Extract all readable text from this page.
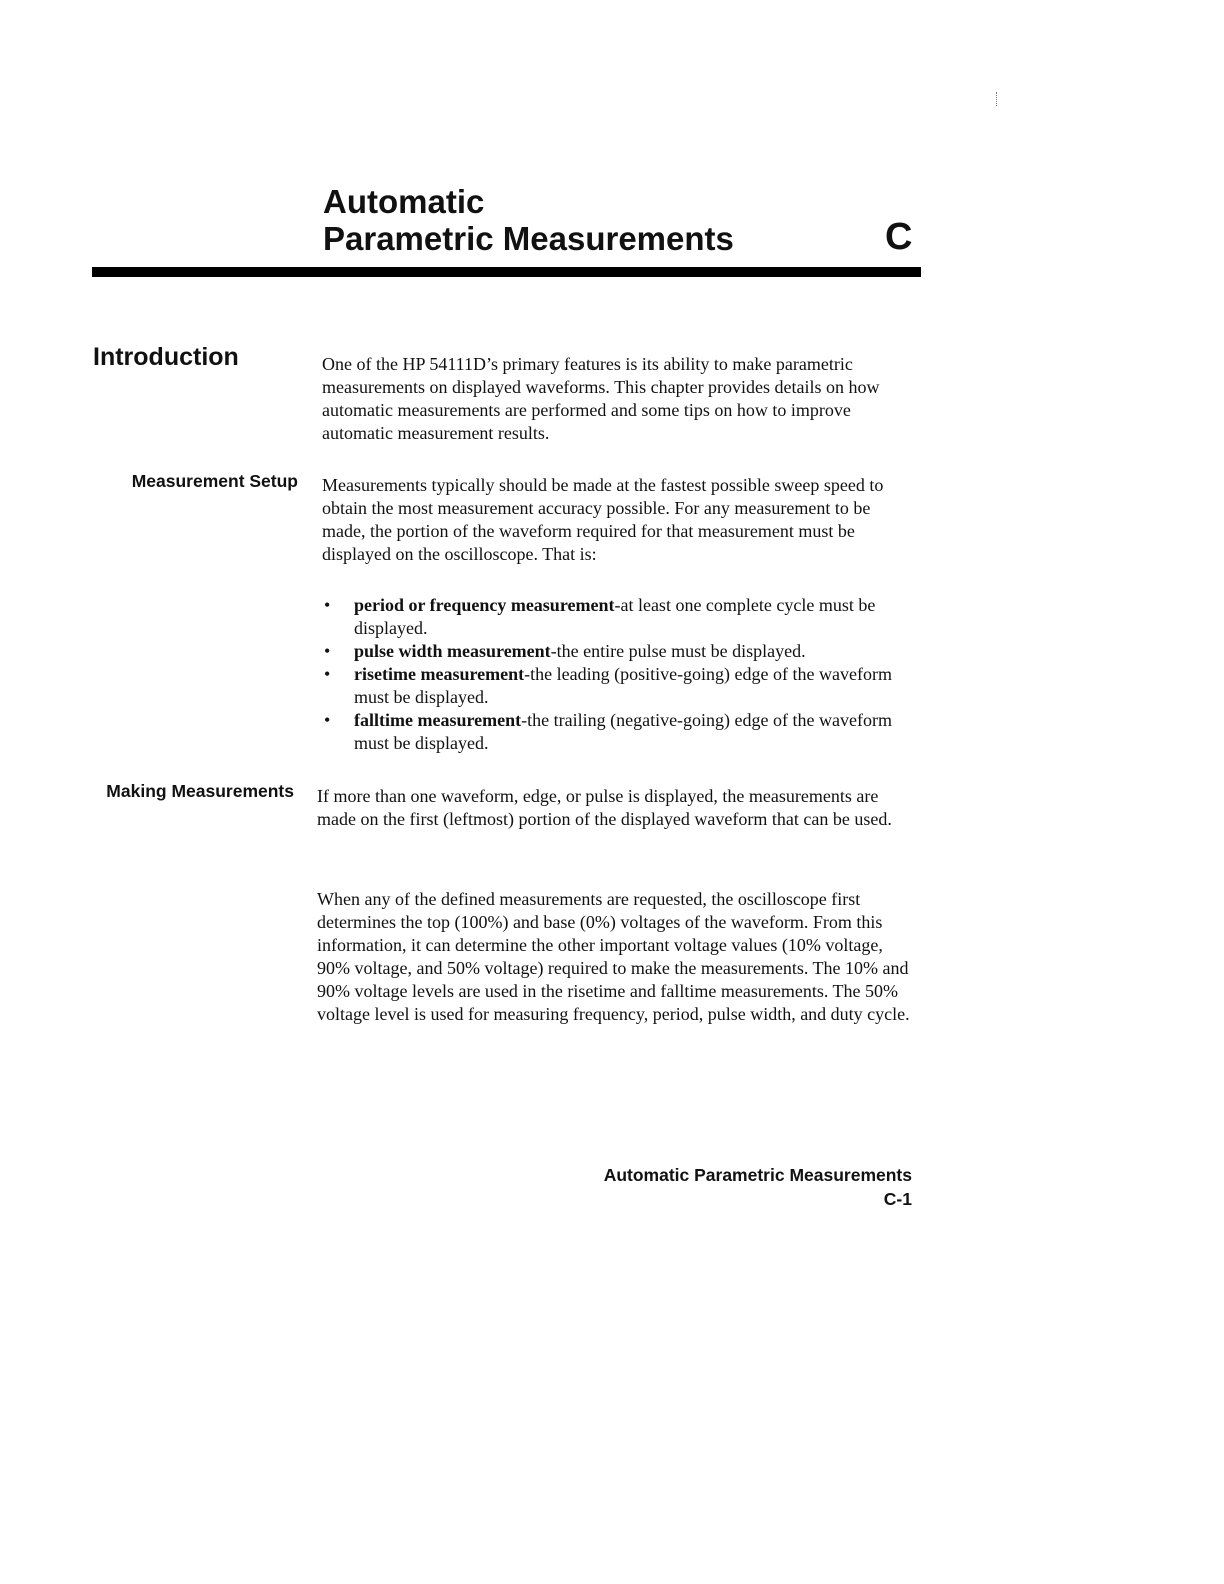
Automatic
Parametric Measurements	C
Introduction	One of the HP 54111D’s primary features is its ability to make parametric measurements on displayed waveforms. This chapter provides details on how automatic measurements are performed and some tips on how to improve automatic measurement results.

Measurement Setup Measurements typically should be made at the fastest possible sweep speed to obtain the most measurement accuracy possible. For any measurement to be made, the portion of the waveform required for that measurement must be displayed on the oscilloscope. That is:

• period or frequency measurement-at least one complete cycle must be displayed.
• pulse width measurement-the entire pulse must be displayed.
• risetime measurement-the leading (positive-going) edge of the waveform must be displayed.
• falltime measurement-the trailing (negative-going) edge of the waveform must be displayed.
Making Measurements If more than one waveform, edge, or pulse is displayed, the measurements are made on the first (leftmost) portion of the displayed waveform that can be used.

When any of the defined measurements are requested, the oscilloscope first determines the top (100%) and base (0%) voltages of the waveform. From this information, it can determine the other important voltage values (10% voltage, 90% voltage, and 50% voltage) required to make the measurements. The 10% and 90% voltage levels are used in the risetime and falltime measurements. The 50% voltage level is used for measuring frequency, period, pulse width, and duty cycle.

Automatic Parametric Measurements
C-1
